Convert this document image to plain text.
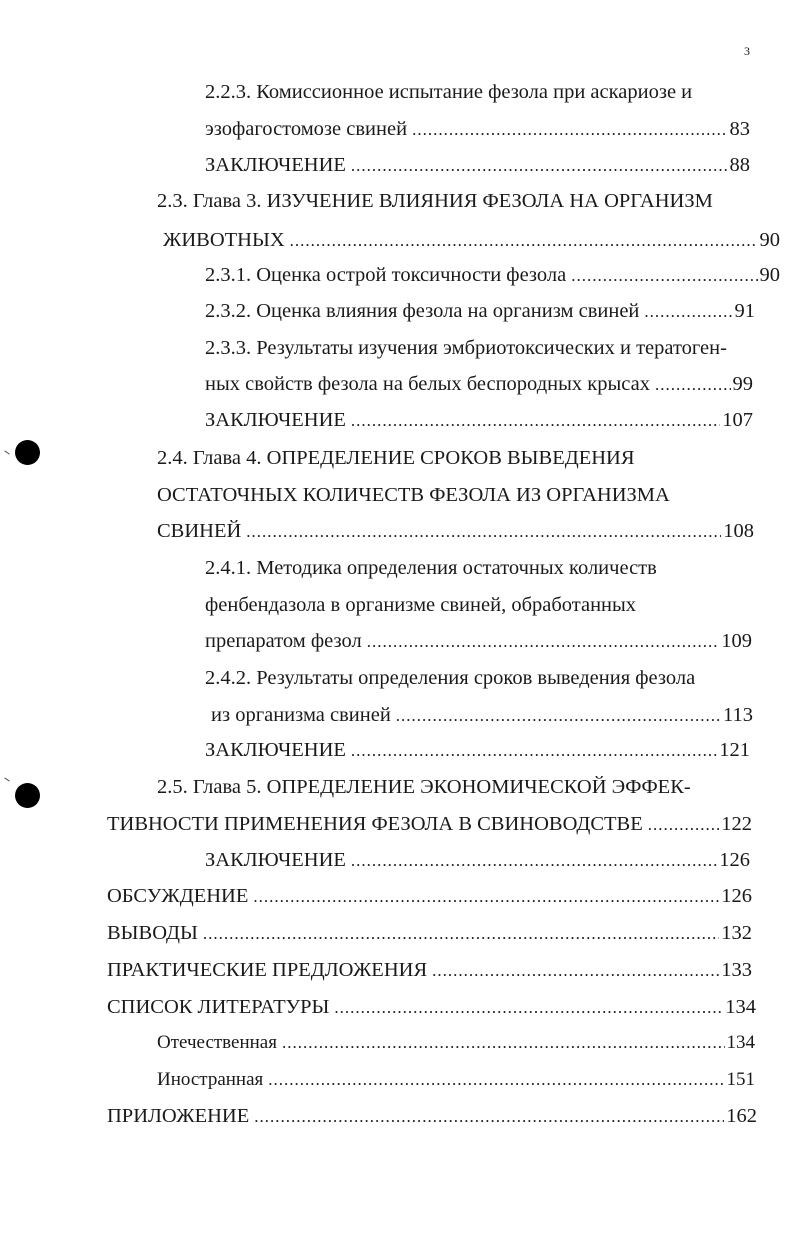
3
2.2.3. Комиссионное испытание фезола при аскариозе и
эзофагостомозе свиней .....	83
ЗАКЛЮЧЕНИЕ .....	88
2.3. Глава 3. ИЗУЧЕНИЕ ВЛИЯНИЯ ФЕЗОЛА НА ОРГАНИЗМ
ЖИВОТНЫХ .....	90
2.3.1. Оценка острой токсичности фезола .....	90
2.3.2. Оценка влияния фезола на организм свиней .....	91
2.3.3. Результаты изучения эмбриотоксических и тератоген-
ных свойств фезола на белых беспородных крысах .....	99
ЗАКЛЮЧЕНИЕ .....	107
2.4. Глава 4. ОПРЕДЕЛЕНИЕ СРОКОВ ВЫВЕДЕНИЯ
ОСТАТОЧНЫХ КОЛИЧЕСТВ ФЕЗОЛА ИЗ ОРГАНИЗМА
СВИНЕЙ .....	108
2.4.1. Методика определения остаточных количеств
фенбендазола в организме свиней, обработанных
препаратом фезол .....	109
2.4.2. Результаты определения сроков выведения фезола
из организма свиней .....	113
ЗАКЛЮЧЕНИЕ .....	121
2.5. Глава 5. ОПРЕДЕЛЕНИЕ ЭКОНОМИЧЕСКОЙ ЭФФЕК-
ТИВНОСТИ ПРИМЕНЕНИЯ ФЕЗОЛА В СВИНОВОДСТВЕ .....	122
ЗАКЛЮЧЕНИЕ .....	126
ОБСУЖДЕНИЕ .....	126
ВЫВОДЫ .....	132
ПРАКТИЧЕСКИЕ ПРЕДЛОЖЕНИЯ .....	133
СПИСОК ЛИТЕРАТУРЫ .....	134
Отечественная .....	134
Иностранная .....	151
ПРИЛОЖЕНИЕ .....	162
